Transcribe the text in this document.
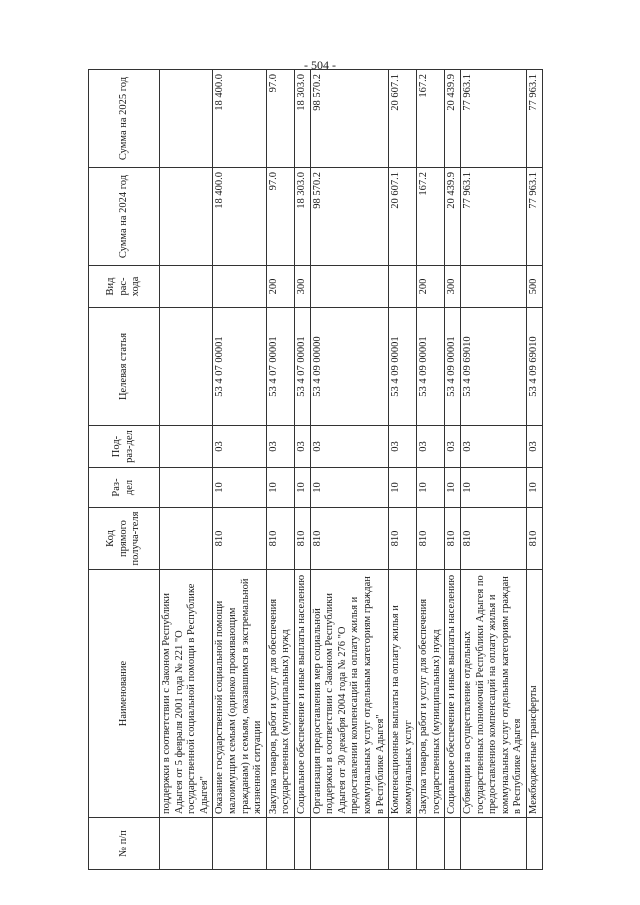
- 504 -
№ п/п	Наименование	Код прямого получа-теля	Раз-дел	Под-раз-дел	Целевая статья	Вид рас-хода	Сумма на 2024 год	Сумма на 2025 год
	поддержки в соответствии с Законом Республики Адыгея от 5 февраля 2001 года № 221 "О государственной социальной помощи в Республике Адыгея"							
	Оказание государственной социальной помощи малоимущим семьям (одиноко проживающим гражданам) и семьям, оказавшимся в экстремальной жизненной ситуации	810	10	03	53 4 07 00001		18 400.0	18 400.0
	Закупка товаров, работ и услуг для обеспечения государственных (муниципальных) нужд	810	10	03	53 4 07 00001	200	97.0	97.0
	Социальное обеспечение и иные выплаты населению	810	10	03	53 4 07 00001	300	18 303.0	18 303.0
	Организация предоставления мер социальной поддержки в соответствии с Законом Республики Адыгея от 30 декабря 2004 года № 276 "О предоставлении компенсаций на оплату жилья и коммунальных услуг отдельным категориям граждан в Республике Адыгея"	810	10	03	53 4 09 00000		98 570.2	98 570.2
	Компенсационные выплаты на оплату жилья и коммунальных услуг	810	10	03	53 4 09 00001		20 607.1	20 607.1
	Закупка товаров, работ и услуг для обеспечения государственных (муниципальных) нужд	810	10	03	53 4 09 00001	200	167.2	167.2
	Социальное обеспечение и иные выплаты населению	810	10	03	53 4 09 00001	300	20 439.9	20 439.9
	Субвенции на осуществление отдельных государственных полномочий Республики Адыгея по предоставлению компенсаций на оплату жилья и коммунальных услуг отдельным категориям граждан в Республике Адыгея	810	10	03	53 4 09 69010		77 963.1	77 963.1
	Межбюджетные трансферты	810	10	03	53 4 09 69010	500	77 963.1	77 963.1
